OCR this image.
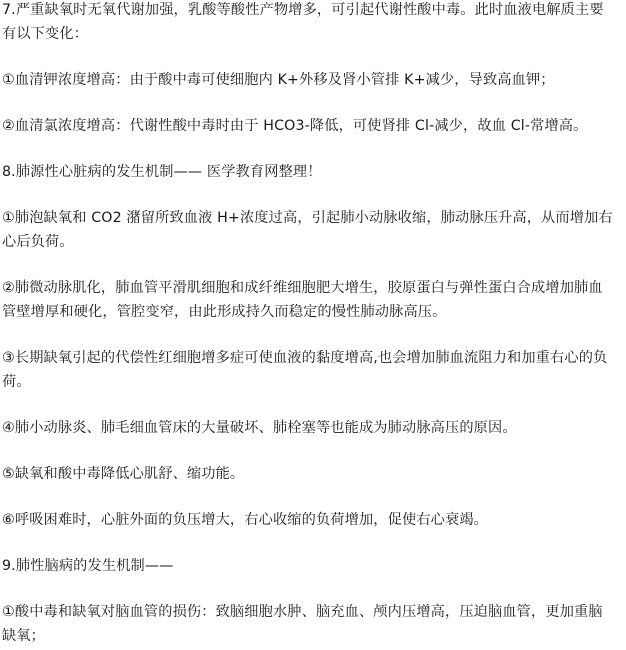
7.严重缺氧时无氧代谢加强，乳酸等酸性产物增多，可引起代谢性酸中毒。此时血液电解质主要有以下变化：

①血清钾浓度增高：由于酸中毒可使细胞内 K+外移及肾小管排 K+减少，导致高血钾；

②血清氯浓度增高：代谢性酸中毒时由于 HCO3-降低，可使肾排 Cl-减少，故血 Cl-常增高。

8.肺源性心脏病的发生机制—— 医学教育网整理！

①肺泡缺氧和 CO2 潴留所致血液 H+浓度过高，引起肺小动脉收缩，肺动脉压升高，从而增加右心后负荷。

②肺微动脉肌化，肺血管平滑肌细胞和成纤维细胞肥大增生，胶原蛋白与弹性蛋白合成增加肺血管壁增厚和硬化，管腔变窄，由此形成持久而稳定的慢性肺动脉高压。

③长期缺氧引起的代偿性红细胞增多症可使血液的黏度增高,也会增加肺血流阻力和加重右心的负荷。

④肺小动脉炎、肺毛细血管床的大量破坏、肺栓塞等也能成为肺动脉高压的原因。

⑤缺氧和酸中毒降低心肌舒、缩功能。

⑥呼吸困难时，心脏外面的负压增大，右心收缩的负荷增加，促使右心衰竭。

9.肺性脑病的发生机制——

①酸中毒和缺氧对脑血管的损伤：致脑细胞水肿、脑充血、颅内压增高，压迫脑血管，更加重脑缺氧；
